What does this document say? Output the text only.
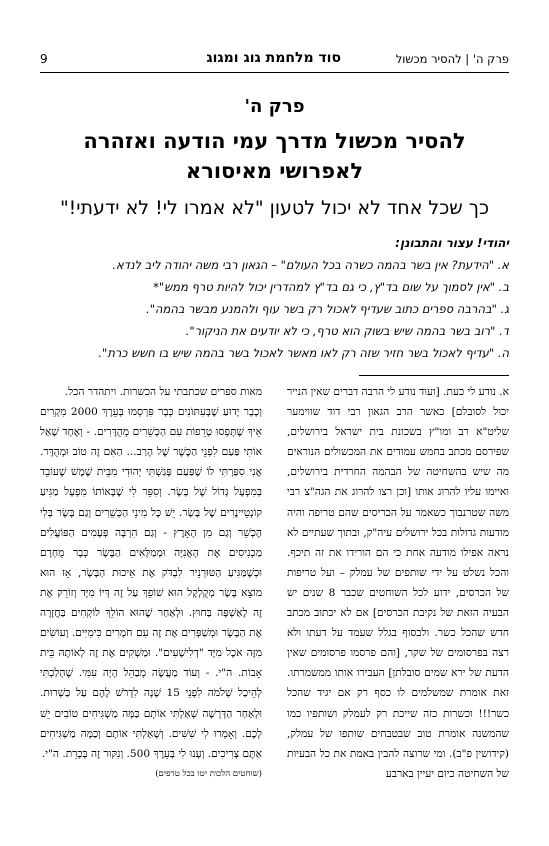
פרק ה' | להסיר מכשול
סוד מלחמת גוג ומגוג
9
פרק ה'
להסיר מכשול מדרך עמי הודעה ואזהרה לאפרושי מאיסורא
כך שכל אחד לא יכול לטעון "לא אמרו לי! לא ידעתי!"
יהודי! עצור והתבונן:
א. "הידעת? אין בשר בהמה כשרה בכל העולם" – הגאון רבי משה יהודה ליב לנדא.
ב. "אין לסמוך על שום בד"ץ, כי גם בד"ץ למהדרין יכול להיות טרף ממש"*
ג. "בהרבה ספרים כתוב שעדיף לאכול רק בשר עוף ולהמנע מבשר בהמה".
ד. "רוב בשר בהמה שיש בשוק הוא טרף, כי לא יודעים את הניקור".
ה. "עדיף לאכול בשר חזיר שזה רק לאו מאשר לאכול בשר בהמה שיש בו חשש כרת".

א. נודע לי כעת. [ועוד נודע לי הרבה דברים שאין הנייר יכול לסובלם] כאשר הרב הגאון רבי דוד שווימער שליט"א רב ומו"ץ בשכונת בית ישראל בירושלים, שפירסם מכתב בחמש עמודים את המכשולים הנוראים מה שיש בהשחיטה של הבהמה החרדית בירושלים, ואיימו עליו להרוג אותו [וכן רצו להרוג את הגה"צ רבי משה שטרנבוך כשאמר על הכריסים שהם טריפה והיה מודעות גדולות בכל ירושלים עיה"ק, ובתוך שעתיים לא נראה אפילו מודעה אחת כי הם הורידו את זה תיכף. והכל נשלט על ידי שותפים של עמלק – ועל טריפות של הכרסים, ידוע לכל השוחטים שכבר 8 שנים יש הבעיה הזאת של נקיבת הכרסים] אם לא יכתוב מכתב חדש שהכל כשר. ולבסוף בגלל שעמד על דעתו ולא רצה בפרסומים של שקר, [והם פרסמו פרסומים שאין הדעת של ירא שמים סובלתן] העבירו אותו ממשמרתו. זאת אומרת שמשלמים לו כסף רק אם יגיד שהכל כשר!!! וכשרות כזה שייכת רק לעמלק ושותפיו כמו שהמשנה אומרת טוב שבטבחים שותפו של עמלק, (קידושין פ"ב). ומי שרוצה להבין באמת את כל הבעיות של השחיטה כיום יעיין בארבע

מאות ספרים שכתבתי על הכשרות. ויתהדר הכל.

וְכָבָר יָדוּעַ שֶׁבְּעִתּוֹנִים כְּבָר פִּרְסְמוּ בְּעֵרֶךְ 2000 מִקְרִים אֵיךְ שֶׁתָּפְסוּ טְרֵפוֹת עִם הַכְּשֵׁרִים מְהֻדָּרִים. - וְאֶחָד שָׁאַל אוֹתִי פַּעַם לִפְנֵי הַכֶּשֶׁר שֶׁל הָרַב... הַאִם זֶה טוֹב וּמְהֻדָּר. אֲנִי סִפַּרְתִּי לוֹ שֶׁפַּעַם פָּגַשְׁתִּי יְהוּדִי מִבֵּית שֶׁמֶשׁ שֶׁעוֹבֵד בְּמִפְעָל גָּדוֹל שֶׁל בָּשָׂר. וְסִפֵּר לִי שֶׁבָּאוֹתוֹ מִפְעָל מַגִּיעַ קוֹנְטֵיינֶרִים שֶׁל בָּשָׂר. יֵשׁ כָּל מִינֵי הַכְּשֵׁרִים וְגַם בָּשָׂר בְּלִי הֶכְשֵׁר וְגַם מִן הָאָרֶץ - וְגַם הִרְבָּה פְּעָמִים הַפּוֹעֲלִים מַכְנִיסִים אֶת הָאֲנִיָּה וּמְמַלְּאִים הַבָּשָׂר כְּבָר מֻחְרָם וּכְשֶׁמַּגִּיעַ הַטּוּרְנֵיר לִבְדֹּק אֶת אֵיכוּת הַבָּשָׂר, אָז הוּא מוֹצֵא בָּשָׂר מְקֻלְקָל הוּא שׁוֹפֵךְ עַל זֶה דְּיוֹ מִיָּד וְזוֹרֵק אֶת זֶה לָאַשְׁפָּה בַּחוּץ. וּלְאַחַר שֶׁהוּא הוֹלֵךְ לוֹקְחִים בַּחֲזָרָה אֶת הַבָּשָׂר וּמְשַׁפְּרִים אֶת זֶה עִם חֹמָרִים כִּימִיִּים. וְעוֹשִׂים מִזֶּה אֹכֶל מִיָּד "דְלִישָׁעִים". וּמַשְׁקִים אֶת זֶה לְאוֹתָהּ בֵּית אָבוֹת. ה"י. - וְעוֹד מַעֲשֶׂה מְבַהֵל הָיָה עִמִּי. שֶׁהָלַכְתִּי לְהֵיכַל שְׁלֹמֹה לִפְנֵי 15 שָׁנָה לִדְרֹשׁ לָהֶם עַל כַּשְׁרוּת. וּלְאַחַר הַדְּרָשָׁה שְׁאַלְתִּי אוֹתָם כַּמָּה מַשְׁגִּיחִים טוֹבִים יֵשׁ לָכֶם. וְאָמְרוּ לִי שִׁשִּׁים. וְשָׁאַלְתִּי אוֹתָם וְכַמָּה מַשְׁגִּיחִים אַתֶּם צְרִיכִים. וְעָנוּ לִי בְּעֵרֶךְ 500. וְנִקּוּר זֶה בְּכָרֵת. ה"י.

(שוחטים הלכות יטו בכל טרפים)
